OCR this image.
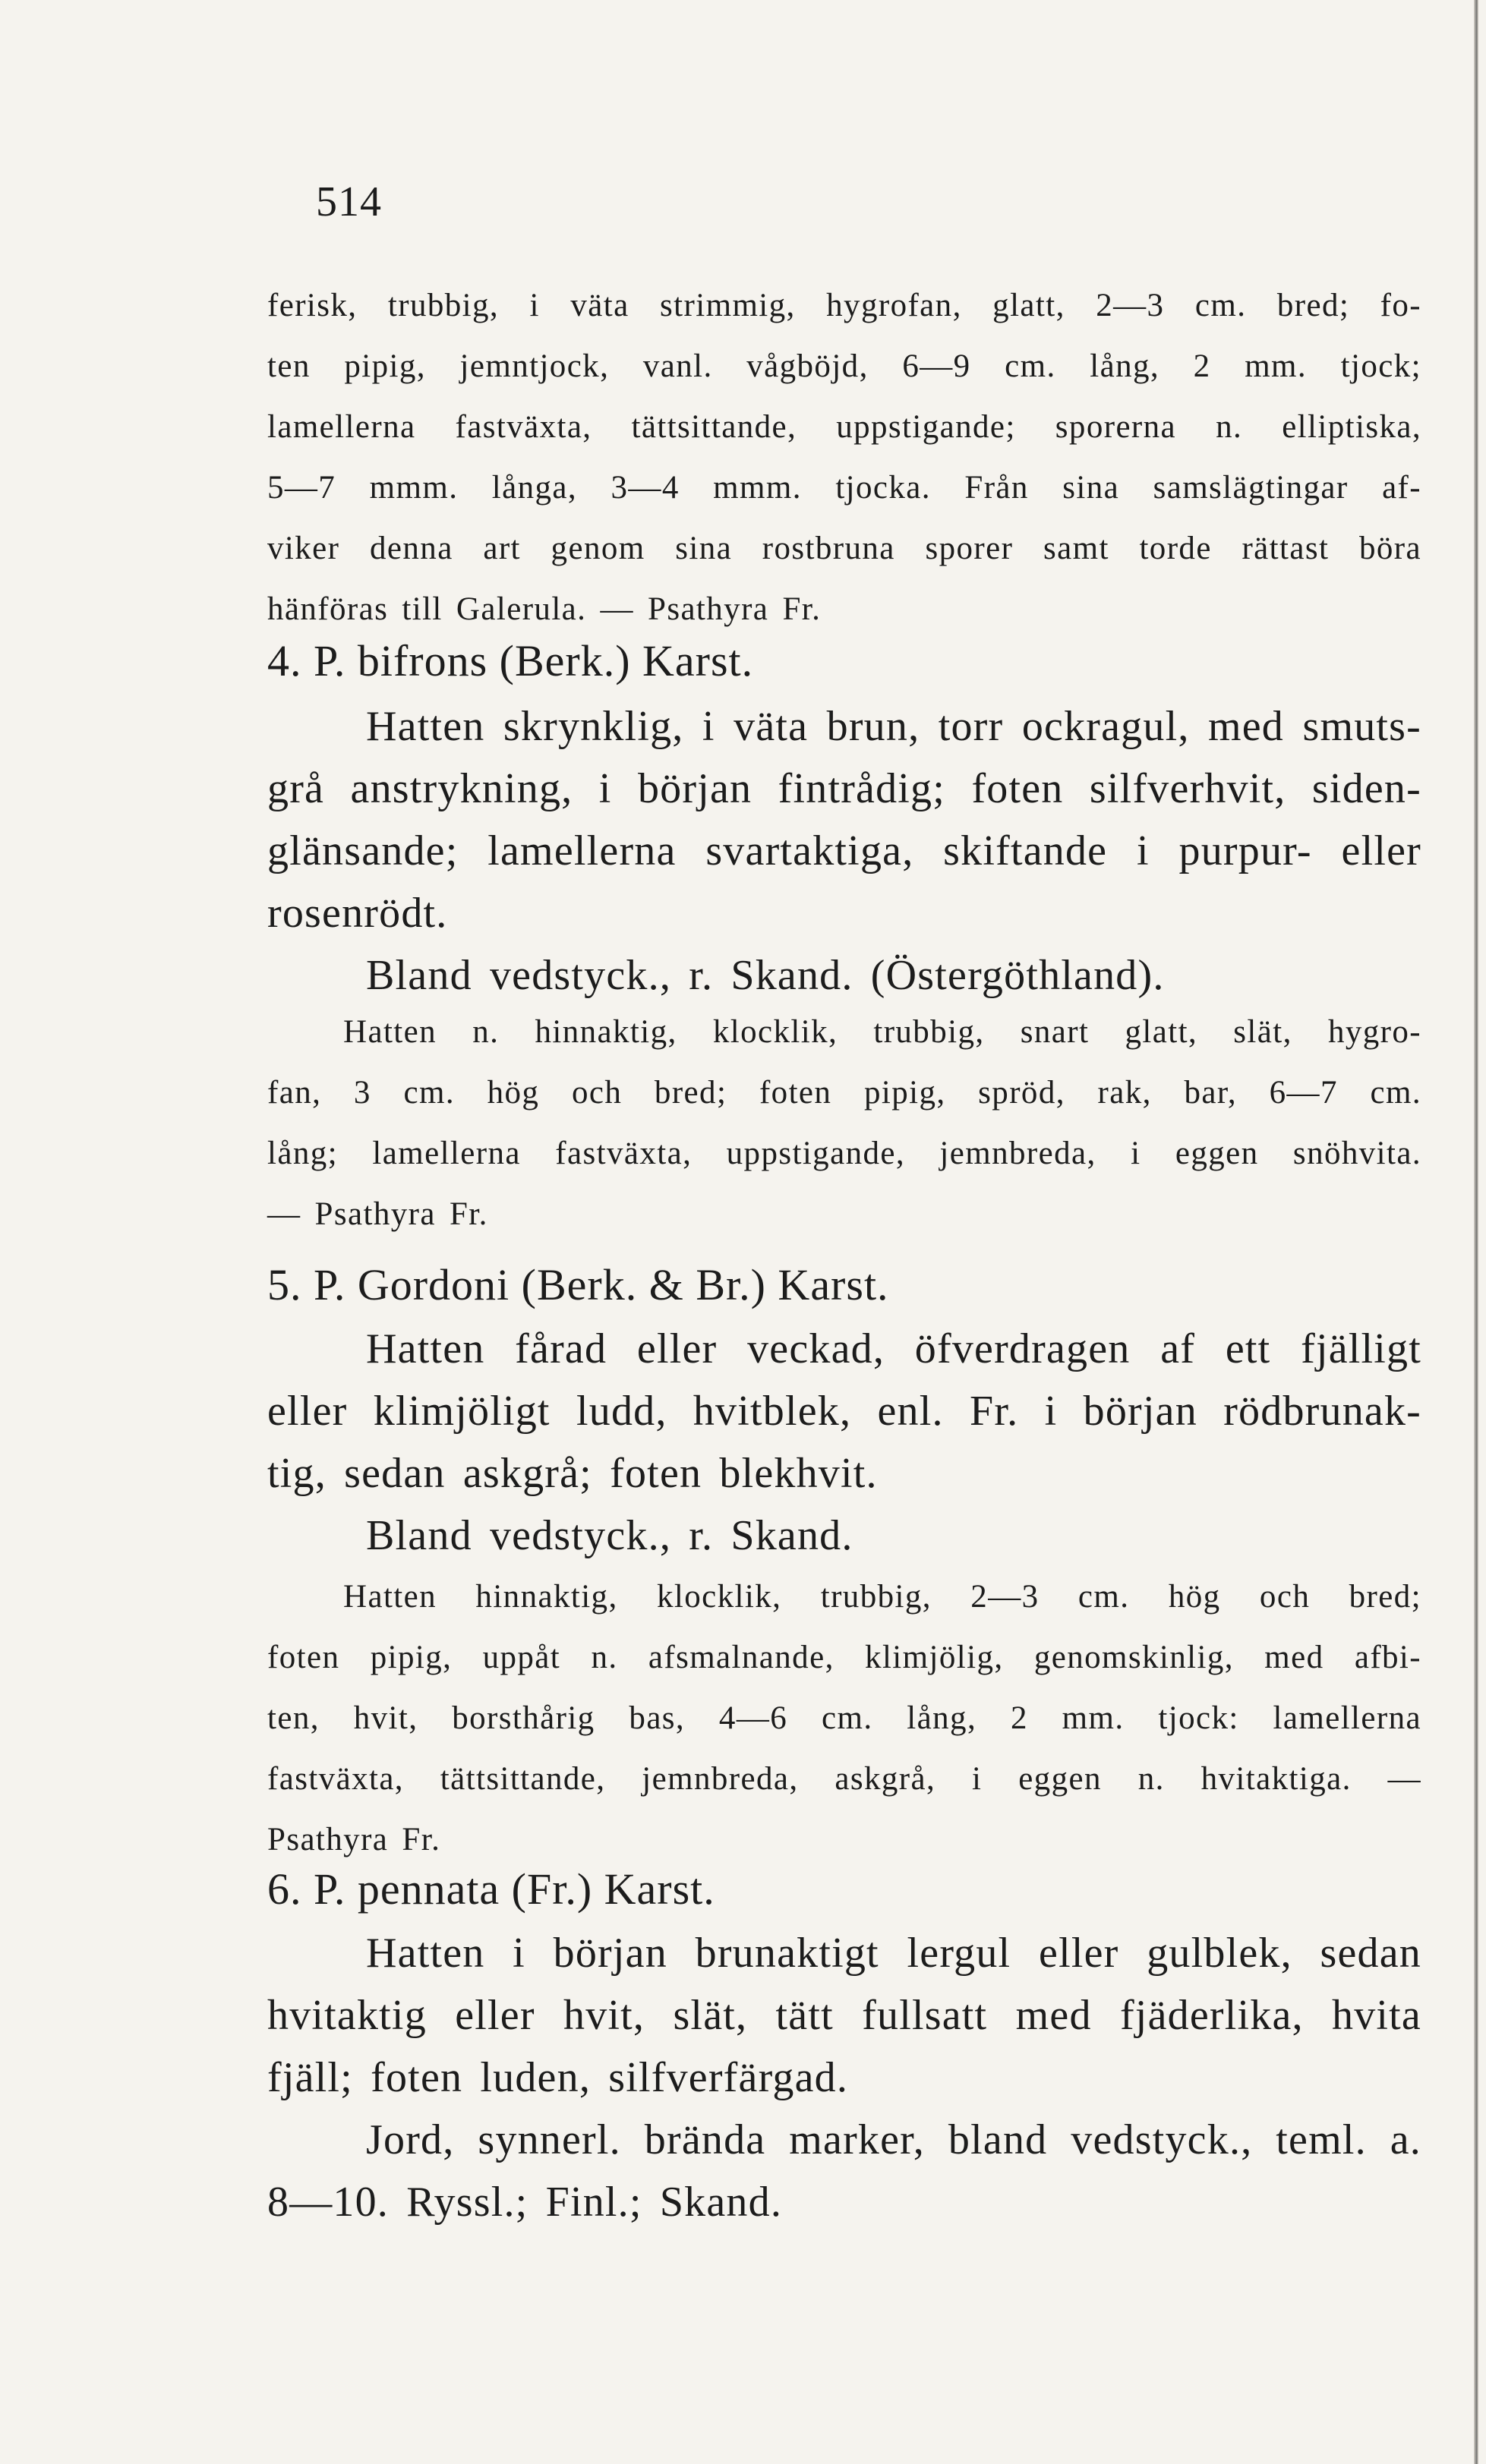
514
ferisk, trubbig, i väta strimmig, hygrofan, glatt, 2—3 cm. bred; fo-
ten pipig, jemntjock, vanl. vågböjd, 6—9 cm. lång, 2 mm. tjock;
lamellerna fastväxta, tättsittande, uppstigande; sporerna n. elliptiska,
5—7 mmm. långa, 3—4 mmm. tjocka. Från sina samslägtingar af-
viker denna art genom sina rostbruna sporer samt torde rättast böra
hänföras till Galerula. — Psathyra Fr.
4. P. bifrons (Berk.) Karst.
Hatten skrynklig, i väta brun, torr ockragul, med smuts-
grå anstrykning, i början fintrådig; foten silfverhvit, siden-
glänsande; lamellerna svartaktiga, skiftande i purpur- eller
rosenrödt.
Bland vedstyck., r. Skand. (Östergöthland).
Hatten n. hinnaktig, klocklik, trubbig, snart glatt, slät, hygro-
fan, 3 cm. hög och bred; foten pipig, spröd, rak, bar, 6—7 cm.
lång; lamellerna fastväxta, uppstigande, jemnbreda, i eggen snöhvita.
— Psathyra Fr.
5. P. Gordoni (Berk. & Br.) Karst.
Hatten fårad eller veckad, öfverdragen af ett fjälligt
eller klimjöligt ludd, hvitblek, enl. Fr. i början rödbrunak-
tig, sedan askgrå; foten blekhvit.
Bland vedstyck., r. Skand.
Hatten hinnaktig, klocklik, trubbig, 2—3 cm. hög och bred;
foten pipig, uppåt n. afsmalnande, klimjölig, genomskinlig, med afbi-
ten, hvit, borsthårig bas, 4—6 cm. lång, 2 mm. tjock: lamellerna
fastväxta, tättsittande, jemnbreda, askgrå, i eggen n. hvitaktiga. —
Psathyra Fr.
6. P. pennata (Fr.) Karst.
Hatten i början brunaktigt lergul eller gulblek, sedan
hvitaktig eller hvit, slät, tätt fullsatt med fjäderlika, hvita
fjäll; foten luden, silfverfärgad.
Jord, synnerl. brända marker, bland vedstyck., teml. a.
8—10. Ryssl.; Finl.; Skand.
